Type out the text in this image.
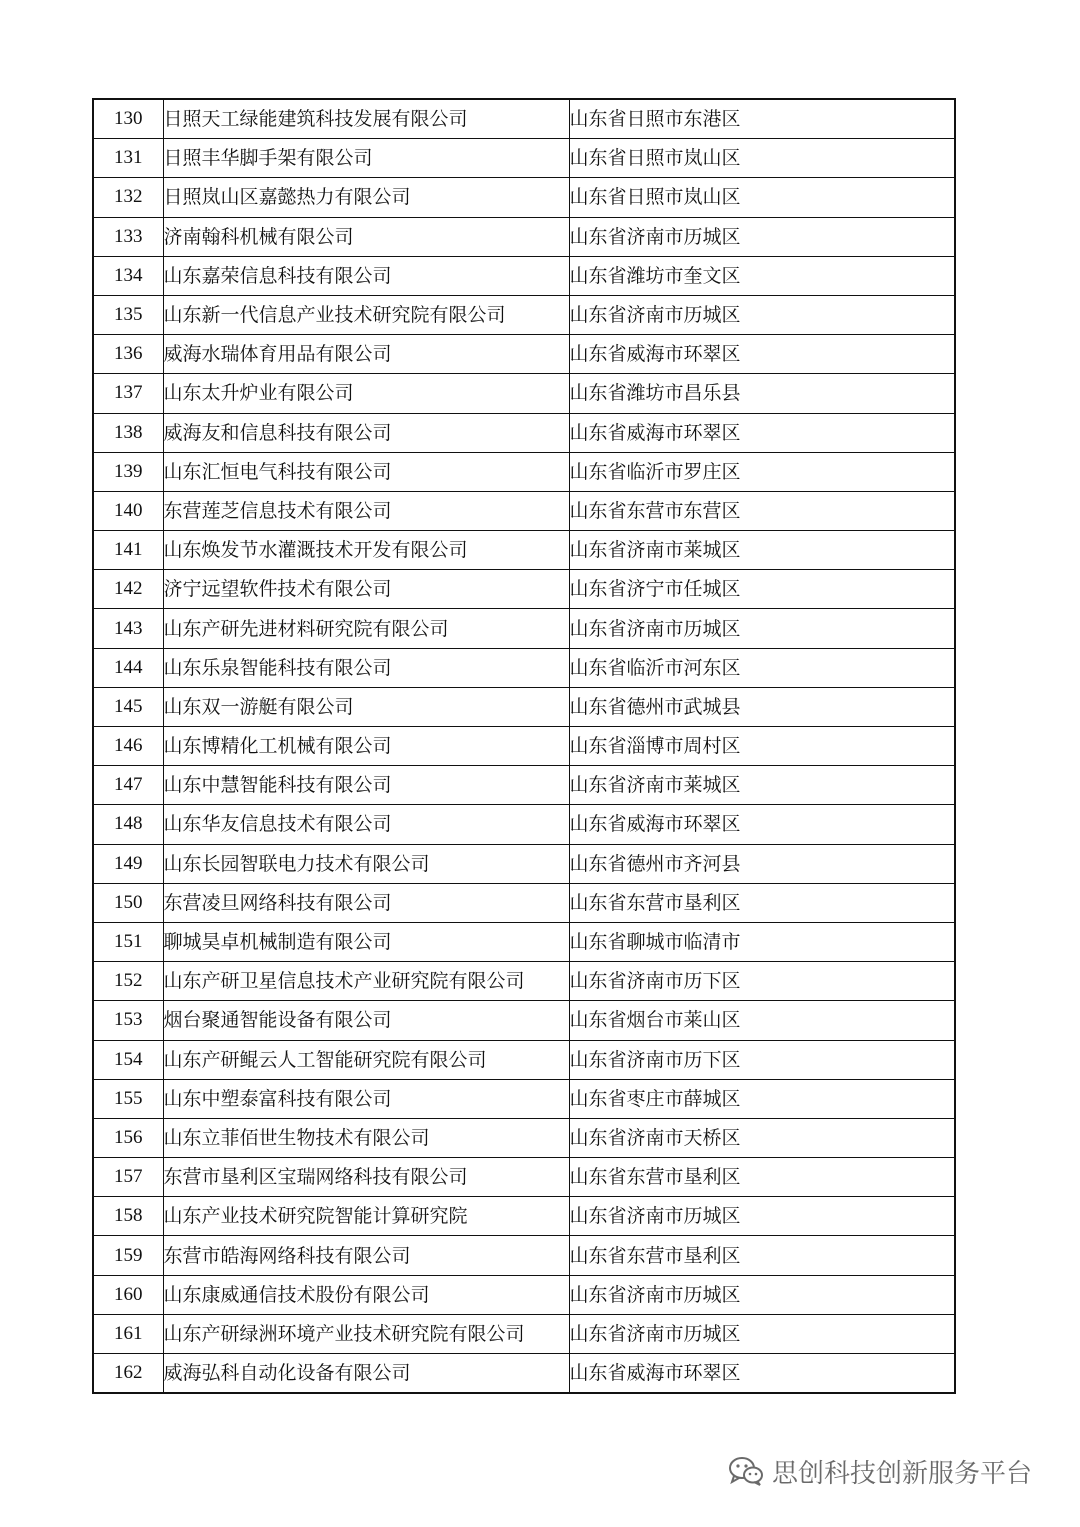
130	日照天工绿能建筑科技发展有限公司	山东省日照市东港区
131	日照丰华脚手架有限公司	山东省日照市岚山区
132	日照岚山区嘉懿热力有限公司	山东省日照市岚山区
133	济南翰科机械有限公司	山东省济南市历城区
134	山东嘉荣信息科技有限公司	山东省潍坊市奎文区
135	山东新一代信息产业技术研究院有限公司	山东省济南市历城区
136	威海水瑞体育用品有限公司	山东省威海市环翠区
137	山东太升炉业有限公司	山东省潍坊市昌乐县
138	威海友和信息科技有限公司	山东省威海市环翠区
139	山东汇恒电气科技有限公司	山东省临沂市罗庄区
140	东营莲芝信息技术有限公司	山东省东营市东营区
141	山东焕发节水灌溉技术开发有限公司	山东省济南市莱城区
142	济宁远望软件技术有限公司	山东省济宁市任城区
143	山东产研先进材料研究院有限公司	山东省济南市历城区
144	山东乐泉智能科技有限公司	山东省临沂市河东区
145	山东双一游艇有限公司	山东省德州市武城县
146	山东博精化工机械有限公司	山东省淄博市周村区
147	山东中慧智能科技有限公司	山东省济南市莱城区
148	山东华友信息技术有限公司	山东省威海市环翠区
149	山东长园智联电力技术有限公司	山东省德州市齐河县
150	东营凌旦网络科技有限公司	山东省东营市垦利区
151	聊城昊卓机械制造有限公司	山东省聊城市临清市
152	山东产研卫星信息技术产业研究院有限公司	山东省济南市历下区
153	烟台聚通智能设备有限公司	山东省烟台市莱山区
154	山东产研鲲云人工智能研究院有限公司	山东省济南市历下区
155	山东中塑泰富科技有限公司	山东省枣庄市薛城区
156	山东立菲佰世生物技术有限公司	山东省济南市天桥区
157	东营市垦利区宝瑞网络科技有限公司	山东省东营市垦利区
158	山东产业技术研究院智能计算研究院	山东省济南市历城区
159	东营市皓海网络科技有限公司	山东省东营市垦利区
160	山东康威通信技术股份有限公司	山东省济南市历城区
161	山东产研绿洲环境产业技术研究院有限公司	山东省济南市历城区
162	威海弘科自动化设备有限公司	山东省威海市环翠区
思创科技创新服务平台
